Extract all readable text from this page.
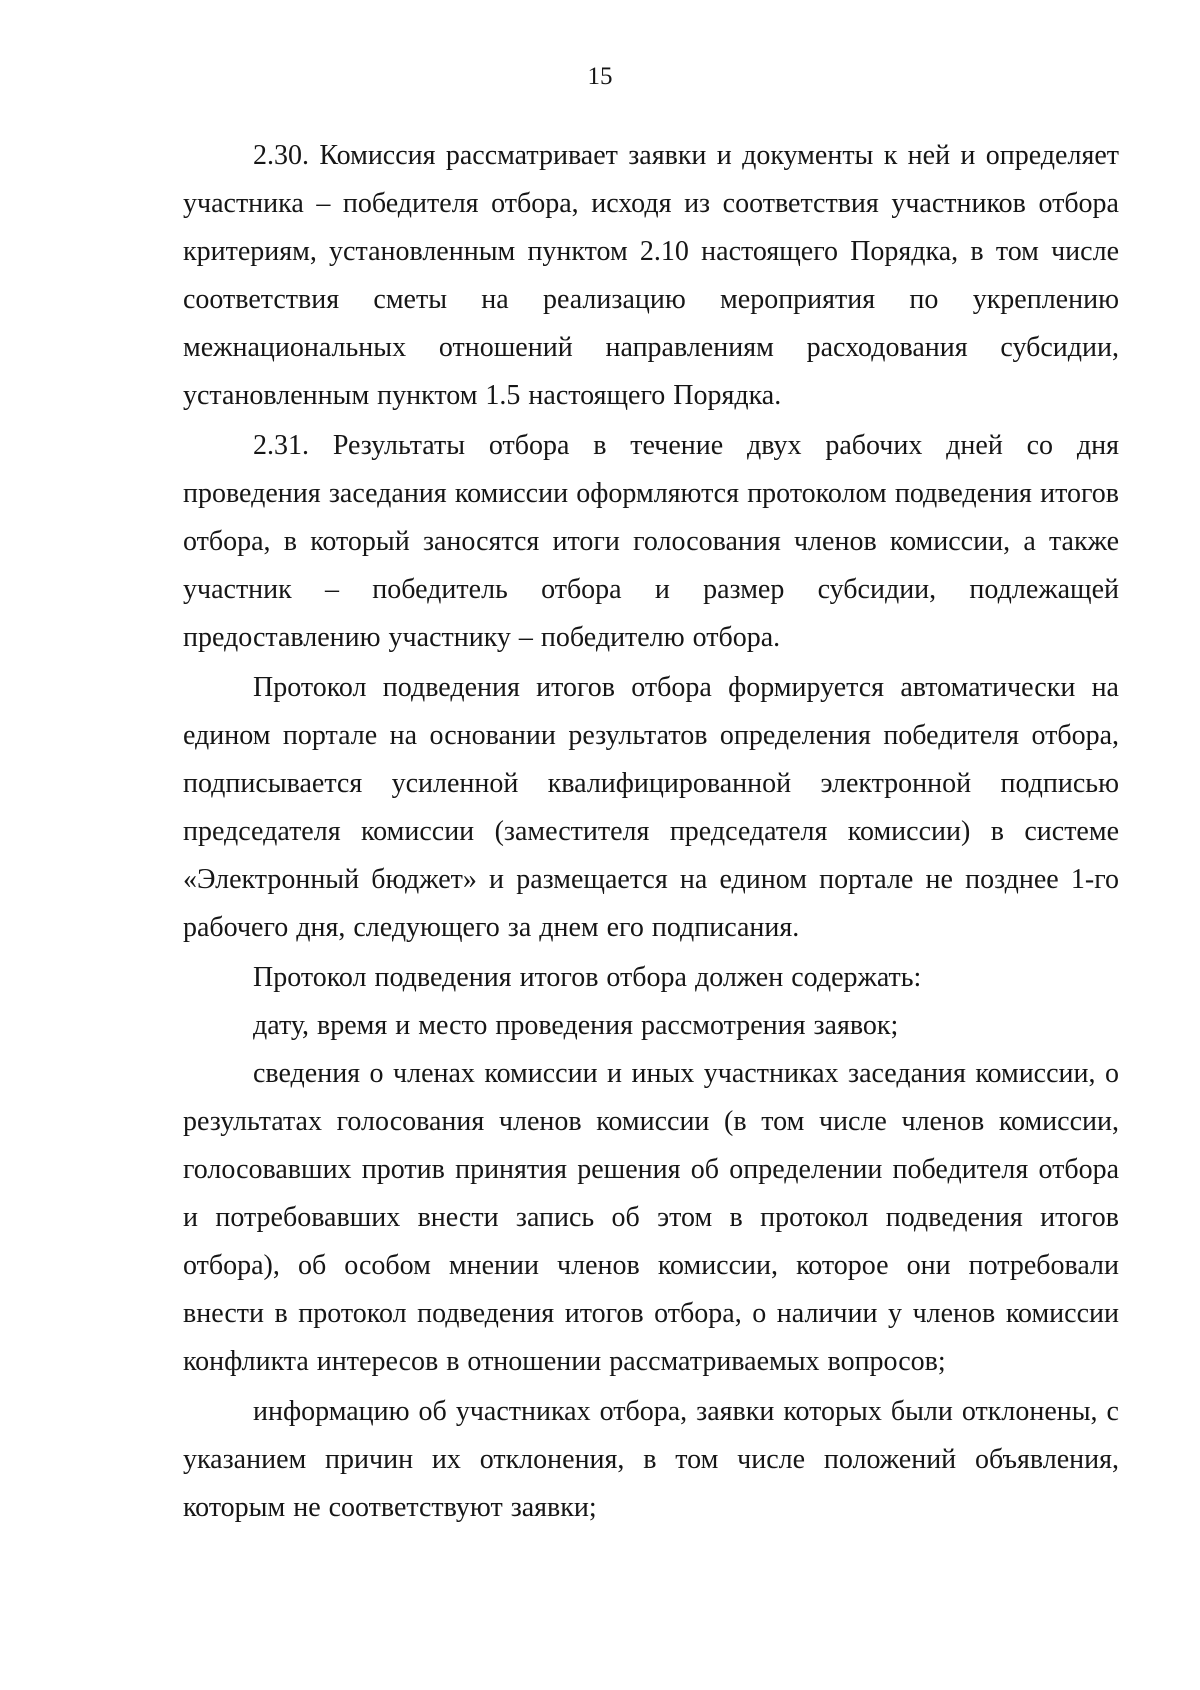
15

2.30. Комиссия рассматривает заявки и документы к ней и определяет участника – победителя отбора, исходя из соответствия участников отбора критериям, установленным пунктом 2.10 настоящего Порядка, в том числе соответствия сметы на реализацию мероприятия по укреплению межнациональных отношений направлениям расходования субсидии, установленным пунктом 1.5 настоящего Порядка.

2.31. Результаты отбора в течение двух рабочих дней со дня проведения заседания комиссии оформляются протоколом подведения итогов отбора, в который заносятся итоги голосования членов комиссии, а также участник – победитель отбора и размер субсидии, подлежащей предоставлению участнику – победителю отбора.

Протокол подведения итогов отбора формируется автоматически на едином портале на основании результатов определения победителя отбора, подписывается усиленной квалифицированной электронной подписью председателя комиссии (заместителя председателя комиссии) в системе «Электронный бюджет» и размещается на едином портале не позднее 1-го рабочего дня, следующего за днем его подписания.

Протокол подведения итогов отбора должен содержать:

дату, время и место проведения рассмотрения заявок;

сведения о членах комиссии и иных участниках заседания комиссии, о результатах голосования членов комиссии (в том числе членов комиссии, голосовавших против принятия решения об определении победителя отбора и потребовавших внести запись об этом в протокол подведения итогов отбора), об особом мнении членов комиссии, которое они потребовали внести в протокол подведения итогов отбора, о наличии у членов комиссии конфликта интересов в отношении рассматриваемых вопросов;

информацию об участниках отбора, заявки которых были отклонены, с указанием причин их отклонения, в том числе положений объявления, которым не соответствуют заявки;
